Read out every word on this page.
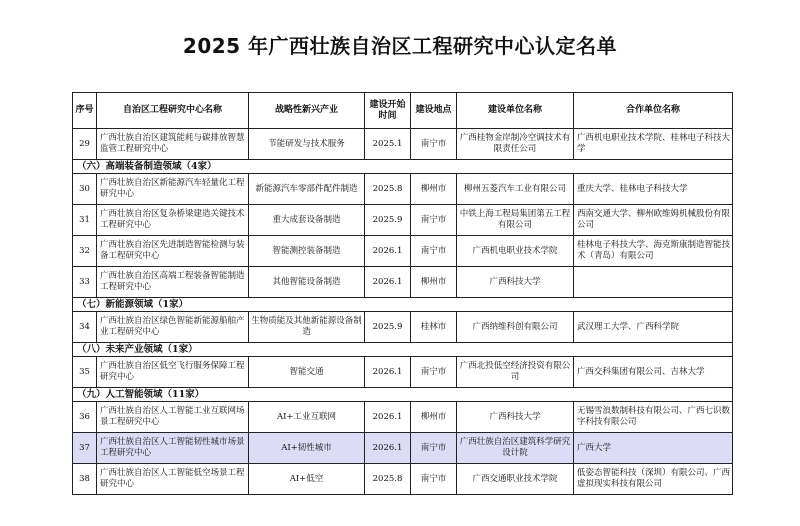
2025 年广西壮族自治区工程研究中心认定名单
序号	自治区工程研究中心名称	战略性新兴产业	建设开始时间	建设地点	建设单位名称	合作单位名称
29	广西壮族自治区建筑能耗与碳排放智慧监管工程研究中心	节能研发与技术服务	2025.1	南宁市	广西桂物金岸制冷空调技术有限责任公司	广西机电职业技术学院、桂林电子科技大学
（六）高端装备制造领域（4家）						
30	广西壮族自治区新能源汽车轻量化工程研究中心	新能源汽车零部件配件制造	2025.8	柳州市	柳州五菱汽车工业有限公司	重庆大学、桂林电子科技大学
31	广西壮族自治区复杂桥梁建造关键技术工程研究中心	重大成套设备制造	2025.9	南宁市	中铁上海工程局集团第五工程有限公司	西南交通大学、柳州欧维姆机械股份有限公司
32	广西壮族自治区先进制造智能检测与装备工程研究中心	智能测控装备制造	2026.1	南宁市	广西机电职业技术学院	桂林电子科技大学、海克斯康制造智能技术（青岛）有限公司
33	广西壮族自治区高端工程装备智能制造工程研究中心	其他智能设备制造	2026.1	柳州市	广西科技大学	
（七）新能源领域（1家）						
34	广西壮族自治区绿色智能新能源船舶产业工程研究中心	生物质能及其他新能源设备制造	2025.9	桂林市	广西纳维科创有限公司	武汉理工大学、广西科学院
（八）未来产业领域（1家）						
35	广西壮族自治区低空飞行服务保障工程研究中心	智能交通	2026.1	南宁市	广西北投低空经济投资有限公司	广西交科集团有限公司、吉林大学
（九）人工智能领域（11家）						
36	广西壮族自治区人工智能工业互联网场景工程研究中心	AI+工业互联网	2026.1	柳州市	广西科技大学	无锡雪浪数制科技有限公司、广西七识数字科技有限公司
37	广西壮族自治区人工智能韧性城市场景工程研究中心	AI+韧性城市	2026.1	南宁市	广西壮族自治区建筑科学研究设计院	广西大学
38	广西壮族自治区人工智能低空场景工程研究中心	AI+低空	2025.8	南宁市	广西交通职业技术学院	低姿态智能科技（深圳）有限公司、广西虚拟现实科技有限公司
